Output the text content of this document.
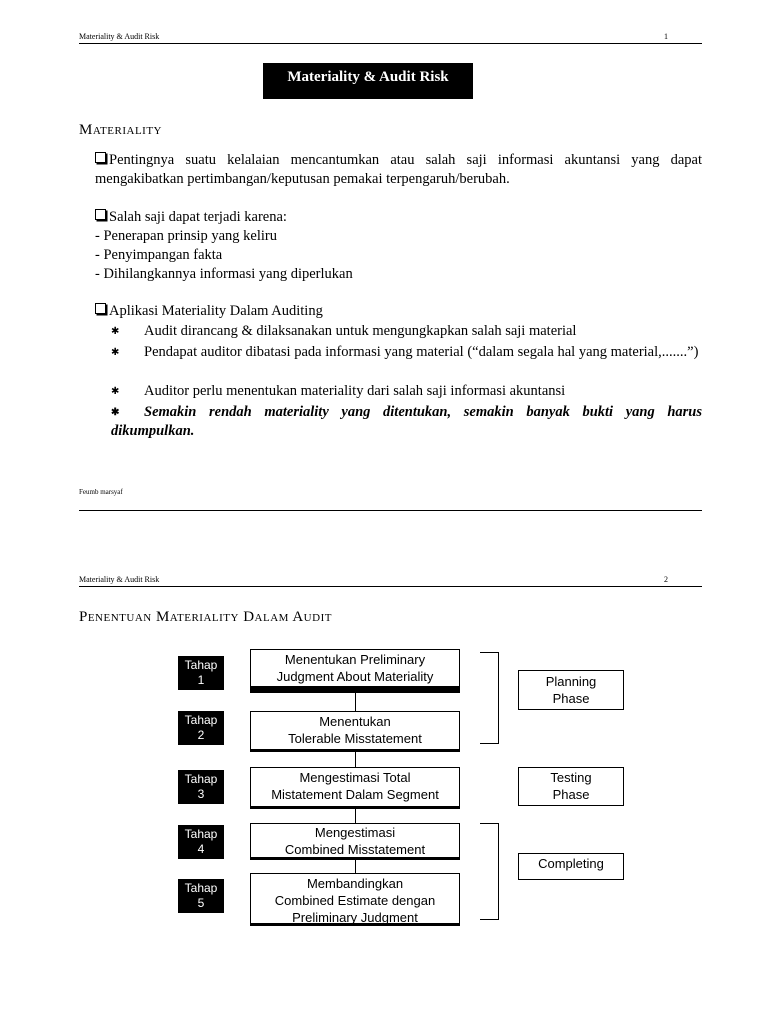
Materiality & Audit Risk	1
Materiality & Audit Risk
Materiality
Pentingnya suatu kelalaian mencantumkan atau salah saji informasi akuntansi yang dapat mengakibatkan pertimbangan/keputusan pemakai terpengaruh/berubah.
Salah saji dapat terjadi karena:
- Penerapan prinsip yang keliru
- Penyimpangan fakta
- Dihilangkannya informasi yang diperlukan
Aplikasi Materiality Dalam Auditing
✱ Audit dirancang & dilaksanakan untuk mengungkapkan salah saji material
✱ Pendapat auditor dibatasi pada informasi yang material (“dalam segala hal yang material,.......”)
✱ Auditor perlu menentukan materiality dari salah saji informasi akuntansi
✱ Semakin rendah materiality yang ditentukan, semakin banyak bukti yang harus dikumpulkan.
Feumb marsyaf
Materiality & Audit Risk	2
Penentuan Materiality Dalam Audit
Tahap
1
Tahap
2
Tahap
3
Tahap
4
Tahap
5
Menentukan Preliminary
Judgment About Materiality
Menentukan
Tolerable Misstatement
Mengestimasi Total
Mistatement Dalam Segment
Mengestimasi
Combined Misstatement
Membandingkan
Combined Estimate dengan
Preliminary Judgment
Planning
Phase
Testing
Phase
Completing
